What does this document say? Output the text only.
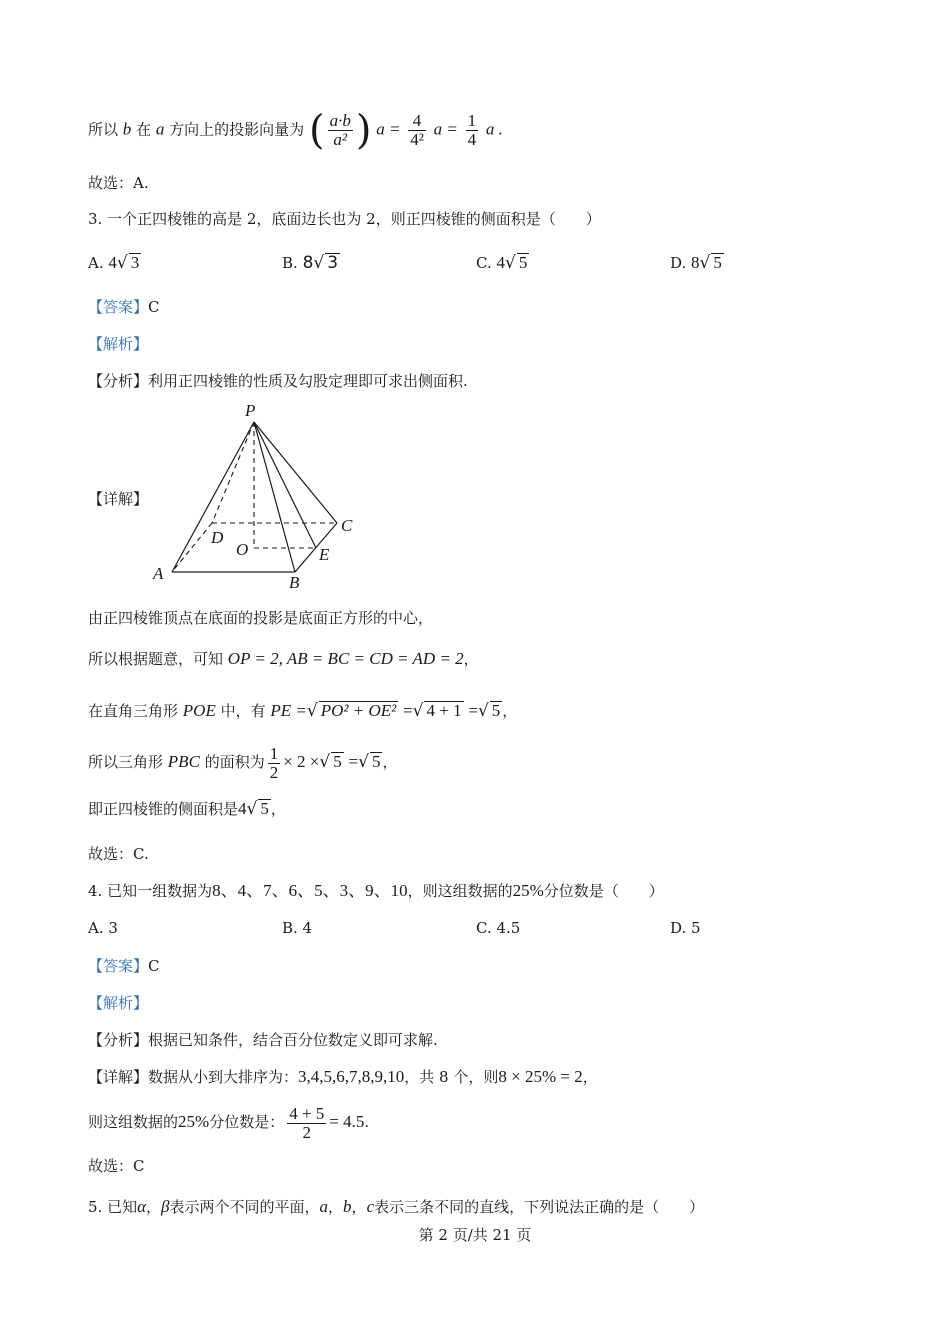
所以 b 在 a 方向上的投影向量为 ( $\frac{a\cdot b}{\text{a²}}$ ) $a = \frac{4}{\text{4²}}$ $a = \frac{1}{4}$ a .
故选：A.
3. 一个正四棱锥的高是 2，底面边长也为 2，则正四棱锥的侧面积是（　　）
A. 4√ 3	B. 8√ 3	C. 4√ 5	D. 8√ 5
【答案】C
【解析】
【分析】利用正四棱锥的性质及勾股定理即可求出侧面积.
【详解】
P
D
C
O	E
A	B
由正四棱锥顶点在底面的投影是底面正方形的中心，
所以根据题意，可知 OP = 2, AB = BC = CD = AD = 2，
在直角三角形 POE 中，有 PE =√ PO² + OE² =√ 4 + 1 =√ 5 ，
所以三角形 PBC 的面积为 $\frac{1}{2} \times 2$ ×√ 5 =√ 5 ，
即正四棱锥的侧面积是4√ 5 ，
故选：C.
4. 已知一组数据为8、4、7、6、5、3、9、10，则这组数据的25%分位数是（　　）
A. 3	B. 4	C. 4.5	D. 5
【答案】C
【解析】
【分析】根据已知条件，结合百分位数定义即可求解.
【详解】数据从小到大排序为：3,4,5,6,7,8,9,10，共 8 个，则8 × 25% = 2，
则这组数据的25%分位数是： $\frac{4 + 5}{2} = 4.5$.
故选：C
5. 已知α，β表示两个不同的平面，a，b，c表示三条不同的直线，下列说法正确的是（　　）
第 2 页/共 21 页
